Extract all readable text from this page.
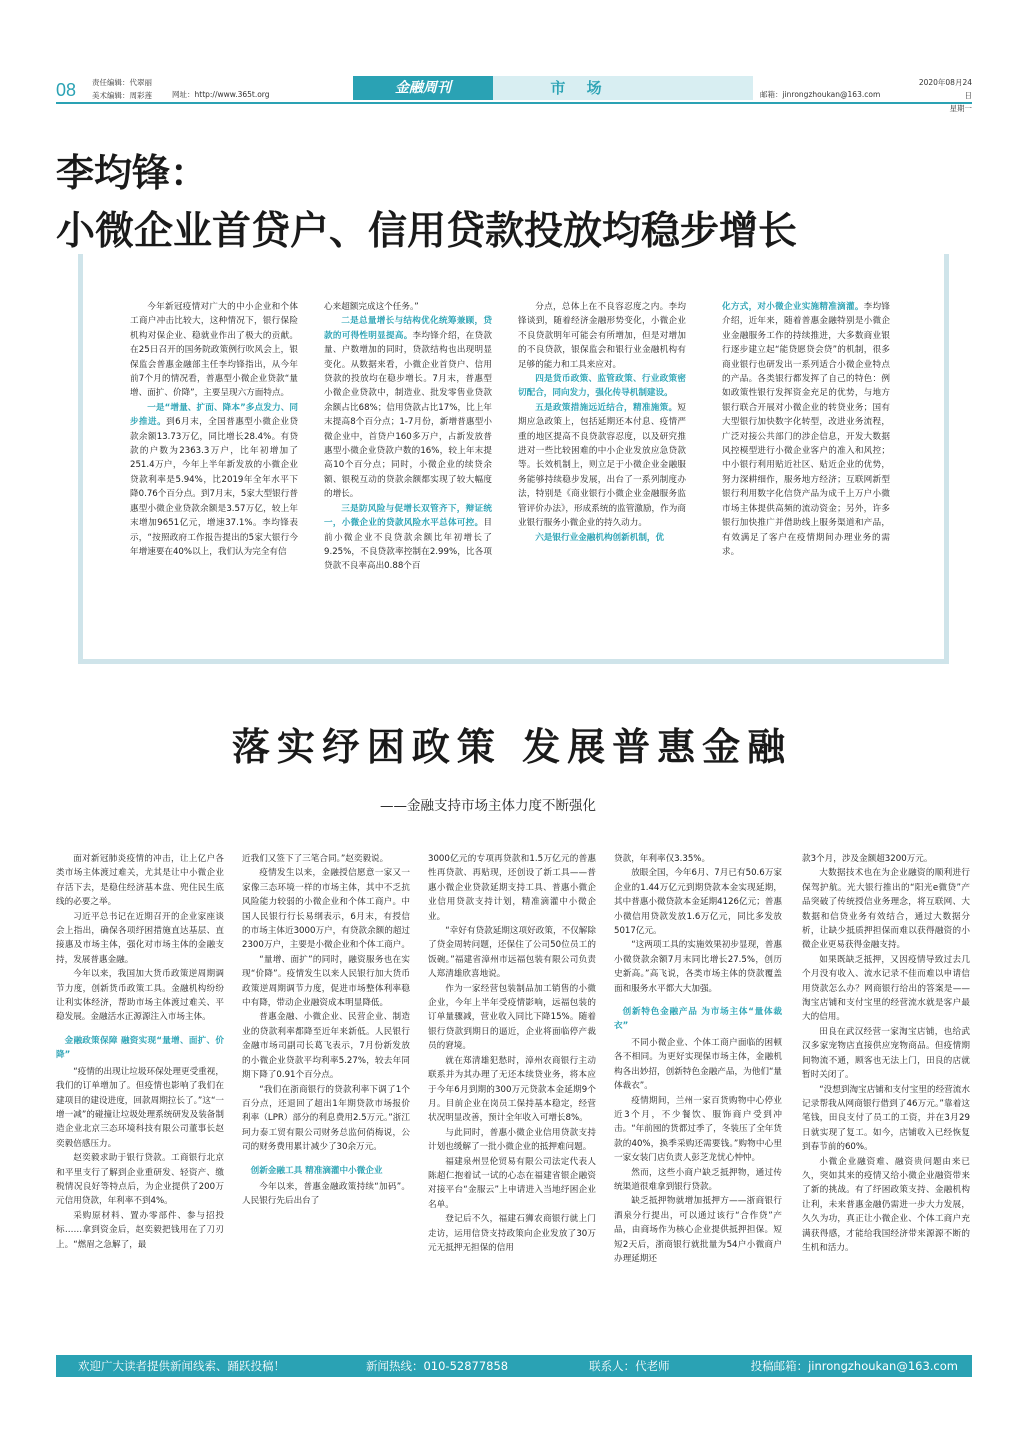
08 责任编辑：代翠丽
美术编辑：周彩莲	网址：http://www.365t.org	金融周刊	市 场	邮箱：jinrongzhoukan@163.com
2020年08月24日
星期一
李均锋：
小微企业首贷户、信用贷款投放均稳步增长

今年新冠疫情对广大的中小企业和个体工商户冲击比较大，这种情况下，银行保险机构对保企业、稳就业作出了极大的贡献。在25日召开的国务院政策例行吹风会上，银保监会普惠金融部主任李均锋指出，从今年前7个月的情况看，普惠型小微企业贷款“量增、面扩、价降”，主要呈现六方面特点。

一是“增量、扩面、降本”多点发力、同步推进。到6月末，全国普惠型小微企业贷款余额13.73万亿，同比增长28.4%。有贷款的户数为2363.3万户，比年初增加了251.4万户，今年上半年新发放的小微企业贷款利率是5.94%，比2019年全年水平下降0.76个百分点。到7月末，5家大型银行普惠型小微企业贷款余额是3.57万亿，较上年末增加9651亿元，增速37.1%。李均锋表示，“按照政府工作报告提出的5家大银行今年增速要在40%以上，我们认为完全有信

心来超额完成这个任务。”

二是总量增长与结构优化统筹兼顾，贷款的可得性明显提高。李均锋介绍，在贷款量、户数增加的同时，贷款结构也出现明显变化。从数据来看，小微企业首贷户、信用贷款的投放均在稳步增长。7月末，普惠型小微企业贷款中，制造业、批发零售业贷款余额占比68%；信用贷款占比17%，比上年末提高8个百分点；1-7月份，新增普惠型小微企业中，首贷户160多万户，占新发放普惠型小微企业贷款户数的16%，较上年末提高10个百分点；同时，小微企业的续贷余额、银税互动的贷款余额都实现了较大幅度的增长。

三是防风险与促增长双管齐下，辩证统一，小微企业的贷款风险水平总体可控。目前小微企业不良贷款余额比年初增长了9.25%，不良贷款率控制在2.99%，比各项贷款不良率高出0.88个百

分点，总体上在不良容忍度之内。李均锋谈到，随着经济金融形势变化，小微企业不良贷款明年可能会有所增加，但是对增加的不良贷款，银保监会和银行业金融机构有足够的能力和工具来应对。

四是货币政策、监管政策、行业政策密切配合，同向发力，强化传导机制建设。

五是政策措施远近结合，精准施策。短期应急政策上，包括延期还本付息、疫情严重的地区提高不良贷款容忍度，以及研究推进对一些比较困难的中小企业发放应急贷款等。长效机制上，则立足于小微企业金融服务能够持续稳步发展，出台了一系列制度办法，特别是《商业银行小微企业金融服务监管评价办法》，形成系统的监管激励，作为商业银行服务小微企业的持久动力。

六是银行业金融机构创新机制，优

化方式，对小微企业实施精准滴灌。李均锋介绍，近年来，随着普惠金融特别是小微企业金融服务工作的持续推进，大多数商业银行逐步建立起“能贷愿贷会贷”的机制，很多商业银行也研发出一系列适合小微企业特点的产品。各类银行都发挥了自己的特色：例如政策性银行发挥资金充足的优势，与地方银行联合开展对小微企业的转贷业务；国有大型银行加快数字化转型，改进业务流程，广泛对接公共部门的涉企信息，开发大数据风控模型进行小微企业客户的准入和风控；中小银行利用贴近社区、贴近企业的优势，努力深耕细作，服务地方经济；互联网新型银行利用数字化信贷产品为成千上万户小微市场主体提供高频的流动资金；另外，许多银行加快推广并借助线上服务渠道和产品，有效满足了客户在疫情期间办理业务的需求。

落实纾困政策 发展普惠金融
——金融支持市场主体力度不断强化

面对新冠肺炎疫情的冲击，让上亿户各类市场主体渡过难关，尤其是让中小微企业存活下去，是稳住经济基本盘、兜住民生底线的必要之举。

习近平总书记在近期召开的企业家座谈会上指出，确保各项纾困措施直达基层、直接惠及市场主体，强化对市场主体的金融支持，发展普惠金融。

今年以来，我国加大货币政策逆周期调节力度，创新货币政策工具。金融机构纷纷让利实体经济，帮助市场主体渡过难关、平稳发展。金融活水正源源注入市场主体。

金融政策保障 融资实现“量增、面扩、价降”

“疫情的出现让垃圾环保处理更受重视，我们的订单增加了。但疫情也影响了我们在建项目的建设进度，回款周期拉长了。”这“一增一减”的碰撞让垃圾处理系统研发及装备制造企业北京三态环境科技有限公司董事长赵奕毅倍感压力。

赵奕毅求助于银行贷款。工商银行北京和平里支行了解到企业重研发、轻资产、缴税情况良好等特点后，为企业提供了200万元信用贷款，年利率不到4%。

采购原材料、置办零部件、参与招投标……拿到资金后，赵奕毅把钱用在了刀刃上。“燃眉之急解了，最

近我们又签下了三笔合同。”赵奕毅说。

疫情发生以来，金融授信愿意一家又一家像三态环境一样的市场主体，其中不乏抗风险能力较弱的小微企业和个体工商户。中国人民银行行长易纲表示，6月末，有授信的市场主体近3000万户，有贷款余额的超过2300万户，主要是小微企业和个体工商户。

“量增、面扩”的同时，融资服务也在实现“价降”。疫情发生以来人民银行加大货币政策逆周期调节力度，促进市场整体利率稳中有降，带动企业融资成本明显降低。

普惠金融、小微企业、民营企业、制造业的贷款利率都降至近年来新低。人民银行金融市场司副司长葛飞表示，7月份新发放的小微企业贷款平均利率5.27%，较去年同期下降了0.91个百分点。

“我们在浙商银行的贷款利率下调了1个百分点，还退回了超出1年期贷款市场报价利率（LPR）部分的利息费用2.5万元。”浙江珂力泰工贸有限公司财务总监何俏梅说，公司的财务费用累计减少了30余万元。

创新金融工具 精准滴灌中小微企业

今年以来，普惠金融政策持续“加码”。人民银行先后出台了

3000亿元的专项再贷款和1.5万亿元的普惠性再贷款、再贴现，还创设了新工具——普惠小微企业贷款延期支持工具、普惠小微企业信用贷款支持计划，精准滴灌中小微企业。

“幸好有贷款延期这项好政策，不仅解除了贷金周转问题，还保住了公司50位员工的饭碗。”福建省漳州市远福包装有限公司负责人郑清雄欣喜地说。

作为一家经营包装制品加工销售的小微企业，今年上半年受疫情影响，远福包装的订单量骤减，营业收入同比下降15%。随着银行贷款到期日的逼近，企业将面临停产裁员的窘境。

就在郑清雄犯愁时，漳州农商银行主动联系并为其办理了无还本续贷业务，将本应于今年6月到期的300万元贷款本金延期9个月。目前企业在岗员工保持基本稳定，经营状况明显改善，预计全年收入可增长8%。

与此同时，普惠小微企业信用贷款支持计划也缓解了一批小微企业的抵押难问题。

福建泉州昱伦贸易有限公司法定代表人陈超仁抱着试一试的心态在福建省银企融资对接平台“金服云”上申请进入当地纾困企业名单。

登记后不久，福建石狮农商银行就上门走访，运用信贷支持政策向企业发放了30万元无抵押无担保的信用

贷款，年利率仅3.35%。

放眼全国，今年6月、7月已有50.6万家企业的1.44万亿元到期贷款本金实现延期，其中普惠小微贷款本金延期4126亿元；普惠小微信用贷款发放1.6万亿元，同比多发放5017亿元。

“这两项工具的实施效果初步显现，普惠小微贷款余额7月末同比增长27.5%，创历史新高。”高飞说，各类市场主体的贷款覆盖面和服务水平都大大加强。

创新特色金融产品 为市场主体“量体裁衣”

不同小微企业、个体工商户面临的困顿各不相同。为更好实现保市场主体，金融机构各出妙招，创新特色金融产品，为他们“量体裁衣”。

疫情期间，兰州一家百货购物中心停业近3个月，不少餐饮、服饰商户受到冲击。“年前囤的货都过季了，冬装压了全年货款的40%，换季采购还需要钱。”购物中心里一家女装门店负责人彭芝龙忧心忡忡。

然而，这些小商户缺乏抵押物，通过传统渠道很难拿到银行贷款。

缺乏抵押物就增加抵押方——浙商银行酒泉分行提出，可以通过该行“合作贷”产品，由商场作为核心企业提供抵押担保。短短2天后，浙商银行就批量为54户小微商户办理延期还

款3个月，涉及金额超3200万元。

大数据技术也在为企业融资的顺利进行保驾护航。光大银行推出的“阳光e微贷”产品突破了传统授信业务理念，将互联网、大数据和信贷业务有效结合，通过大数据分析，让缺少抵质押担保而难以获得融资的小微企业更易获得金融支持。

如果既缺乏抵押，又因疫情导致过去几个月没有收入、流水记录不佳而难以申请信用贷款怎么办？网商银行给出的答案是——淘宝店铺和支付宝里的经营流水就是客户最大的信用。

田良在武汉经营一家淘宝店铺，也给武汉多家宠物店直接供应宠物商品。但疫情期间物流不通，顾客也无法上门，田良的店就暂时关闭了。

“没想到淘宝店铺和支付宝里的经营流水记录帮我从网商银行借到了46万元。”靠着这笔钱，田良支付了员工的工资，并在3月29日就实现了复工。如今，店铺收入已经恢复到春节前的60%。

小微企业融资难、融资贵问题由来已久，突如其来的疫情又给小微企业融资带来了新的挑战。有了纾困政策支持、金融机构让利，未来普惠金融仍需进一步大力发展，久久为功，真正让小微企业、个体工商户充满获得感，才能给我国经济带来源源不断的生机和活力。

欢迎广大读者提供新闻线索、踊跃投稿！	新闻热线：010-52877858	联系人：代老师	投稿邮箱：jinrongzhoukan@163.com
